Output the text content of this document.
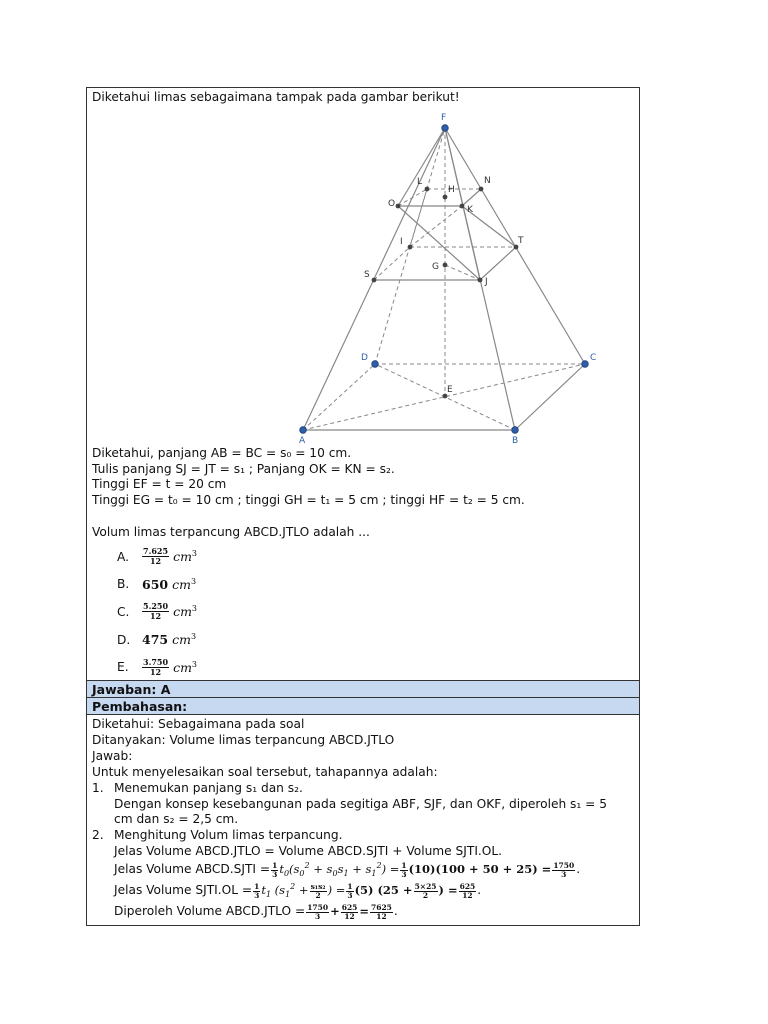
Diketahui limas sebagaimana tampak pada gambar berikut!
F
N
L
H
O
K
I	T
G
S
J
D	C
E
A	B
Diketahui, panjang AB = BC = s₀ = 10 cm.
Tulis panjang SJ = JT = s₁ ; Panjang OK = KN = s₂.
Tinggi EF = t = 20 cm
Tinggi EG = t₀ = 10 cm ; tinggi GH = t₁ = 5 cm ; tinggi HF = t₂ = 5 cm.
Volum limas terpancung ABCD.JTLO adalah ...
A.	$\frac{7.625}{12} cm^3$
B.	650 $cm^3$
C.	$\frac{5.250}{12} cm^3$
D. 475 $cm^3$
E.	$\frac{3.750}{12} cm^3$
Jawaban: A
Pembahasan:
Diketahui: Sebagaimana pada soal
Ditanyakan: Volume limas terpancung ABCD.JTLO
Jawab:
Untuk menyelesaikan soal tersebut, tahapannya adalah:
1. Menemukan panjang s₁ dan s₂.
Dengan konsep kesebangunan pada segitiga ABF, SJF, dan OKF, diperoleh s₁ = 5
cm dan s₂ = 2,5 cm.
2. Menghitung Volum limas terpancung.
Jelas Volume ABCD.JTLO = Volume ABCD.SJTI + Volume SJTI.OL.
Jelas Volume ABCD.SJTI = $\frac{1}{3} t_0(s_0^2 + s_0s_1 + s_1^2) = \frac{1}{3} (10)(100 + 50 + 25) = \frac{1750}{3}$ .
Jelas Volume SJTI.OL = $\frac{1}{3} t_1$ ($s_1^2 + \frac{\text{s₁s₂}}{2}$ ) = $\frac{1}{3} (5) (25 + \frac{5\times 25}{2}$ ) = $\frac{625}{12}$ .
Diperoleh Volume ABCD.JTLO = $\frac{1750}{3} + \frac{625}{12} = \frac{7625}{12}$ .
